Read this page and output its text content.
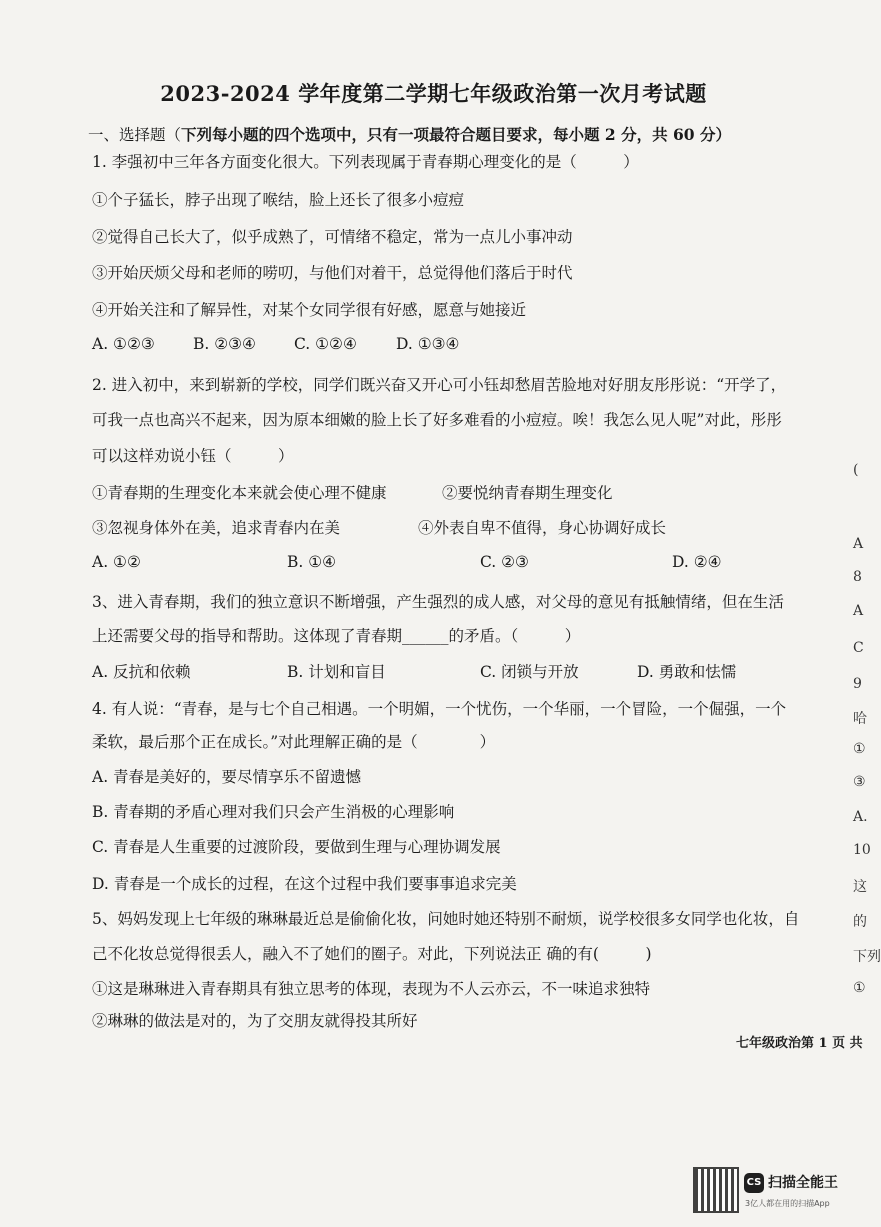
2023-2024 学年度第二学期七年级政治第一次月考试题
一、选择题（下列每小题的四个选项中，只有一项最符合题目要求，每小题 2 分，共 60 分）
1. 李强初中三年各方面变化很大。下列表现属于青春期心理变化的是（　　　）
①个子猛长，脖子出现了喉结，脸上还长了很多小痘痘
②觉得自己长大了，似乎成熟了，可情绪不稳定，常为一点儿小事冲动
③开始厌烦父母和老师的唠叨，与他们对着干，总觉得他们落后于时代
④开始关注和了解异性，对某个女同学很有好感，愿意与她接近
A. ①②③ B. ②③④ C. ①②④	D. ①③④
2. 进入初中，来到崭新的学校，同学们既兴奋又开心可小钰却愁眉苦脸地对好朋友彤彤说：“开学了，
可我一点也高兴不起来，因为原本细嫩的脸上长了好多难看的小痘痘。唉！我怎么见人呢”对此，彤彤
可以这样劝说小钰（　　　）
①青春期的生理变化本来就会使心理不健康	②要悦纳青春期生理变化
③忽视身体外在美，追求青春内在美	④外表自卑不值得，身心协调好成长
A. ①②	B. ①④	C. ②③	D. ②④
3、进入青春期，我们的独立意识不断增强，产生强烈的成人感，对父母的意见有抵触情绪，但在生活
上还需要父母的指导和帮助。这体现了青春期______的矛盾。（　　　）
A. 反抗和依赖	B. 计划和盲目	C. 闭锁与开放	D. 勇敢和怯懦
4. 有人说：“青春，是与七个自己相遇。一个明媚，一个忧伤，一个华丽，一个冒险，一个倔强，一个
柔软，最后那个正在成长。”对此理解正确的是（　　　　）
A. 青春是美好的，要尽情享乐不留遗憾
B. 青春期的矛盾心理对我们只会产生消极的心理影响
C. 青春是人生重要的过渡阶段，要做到生理与心理协调发展
D. 青春是一个成长的过程，在这个过程中我们要事事追求完美
5、妈妈发现上七年级的琳琳最近总是偷偷化妆，问她时她还特别不耐烦，说学校很多女同学也化妆，自
己不化妆总觉得很丢人，融入不了她们的圈子。对此，下列说法正 确的有(　　　)
①这是琳琳进入青春期具有独立思考的体现，表现为不人云亦云，不一味追求独特
②琳琳的做法是对的，为了交朋友就得投其所好
七年级政治第 1 页 共
(
A
8
A
C
9
哈
①
③
A.
10
这
的
下列
①
CS 扫描全能王
3亿人都在用的扫描App
